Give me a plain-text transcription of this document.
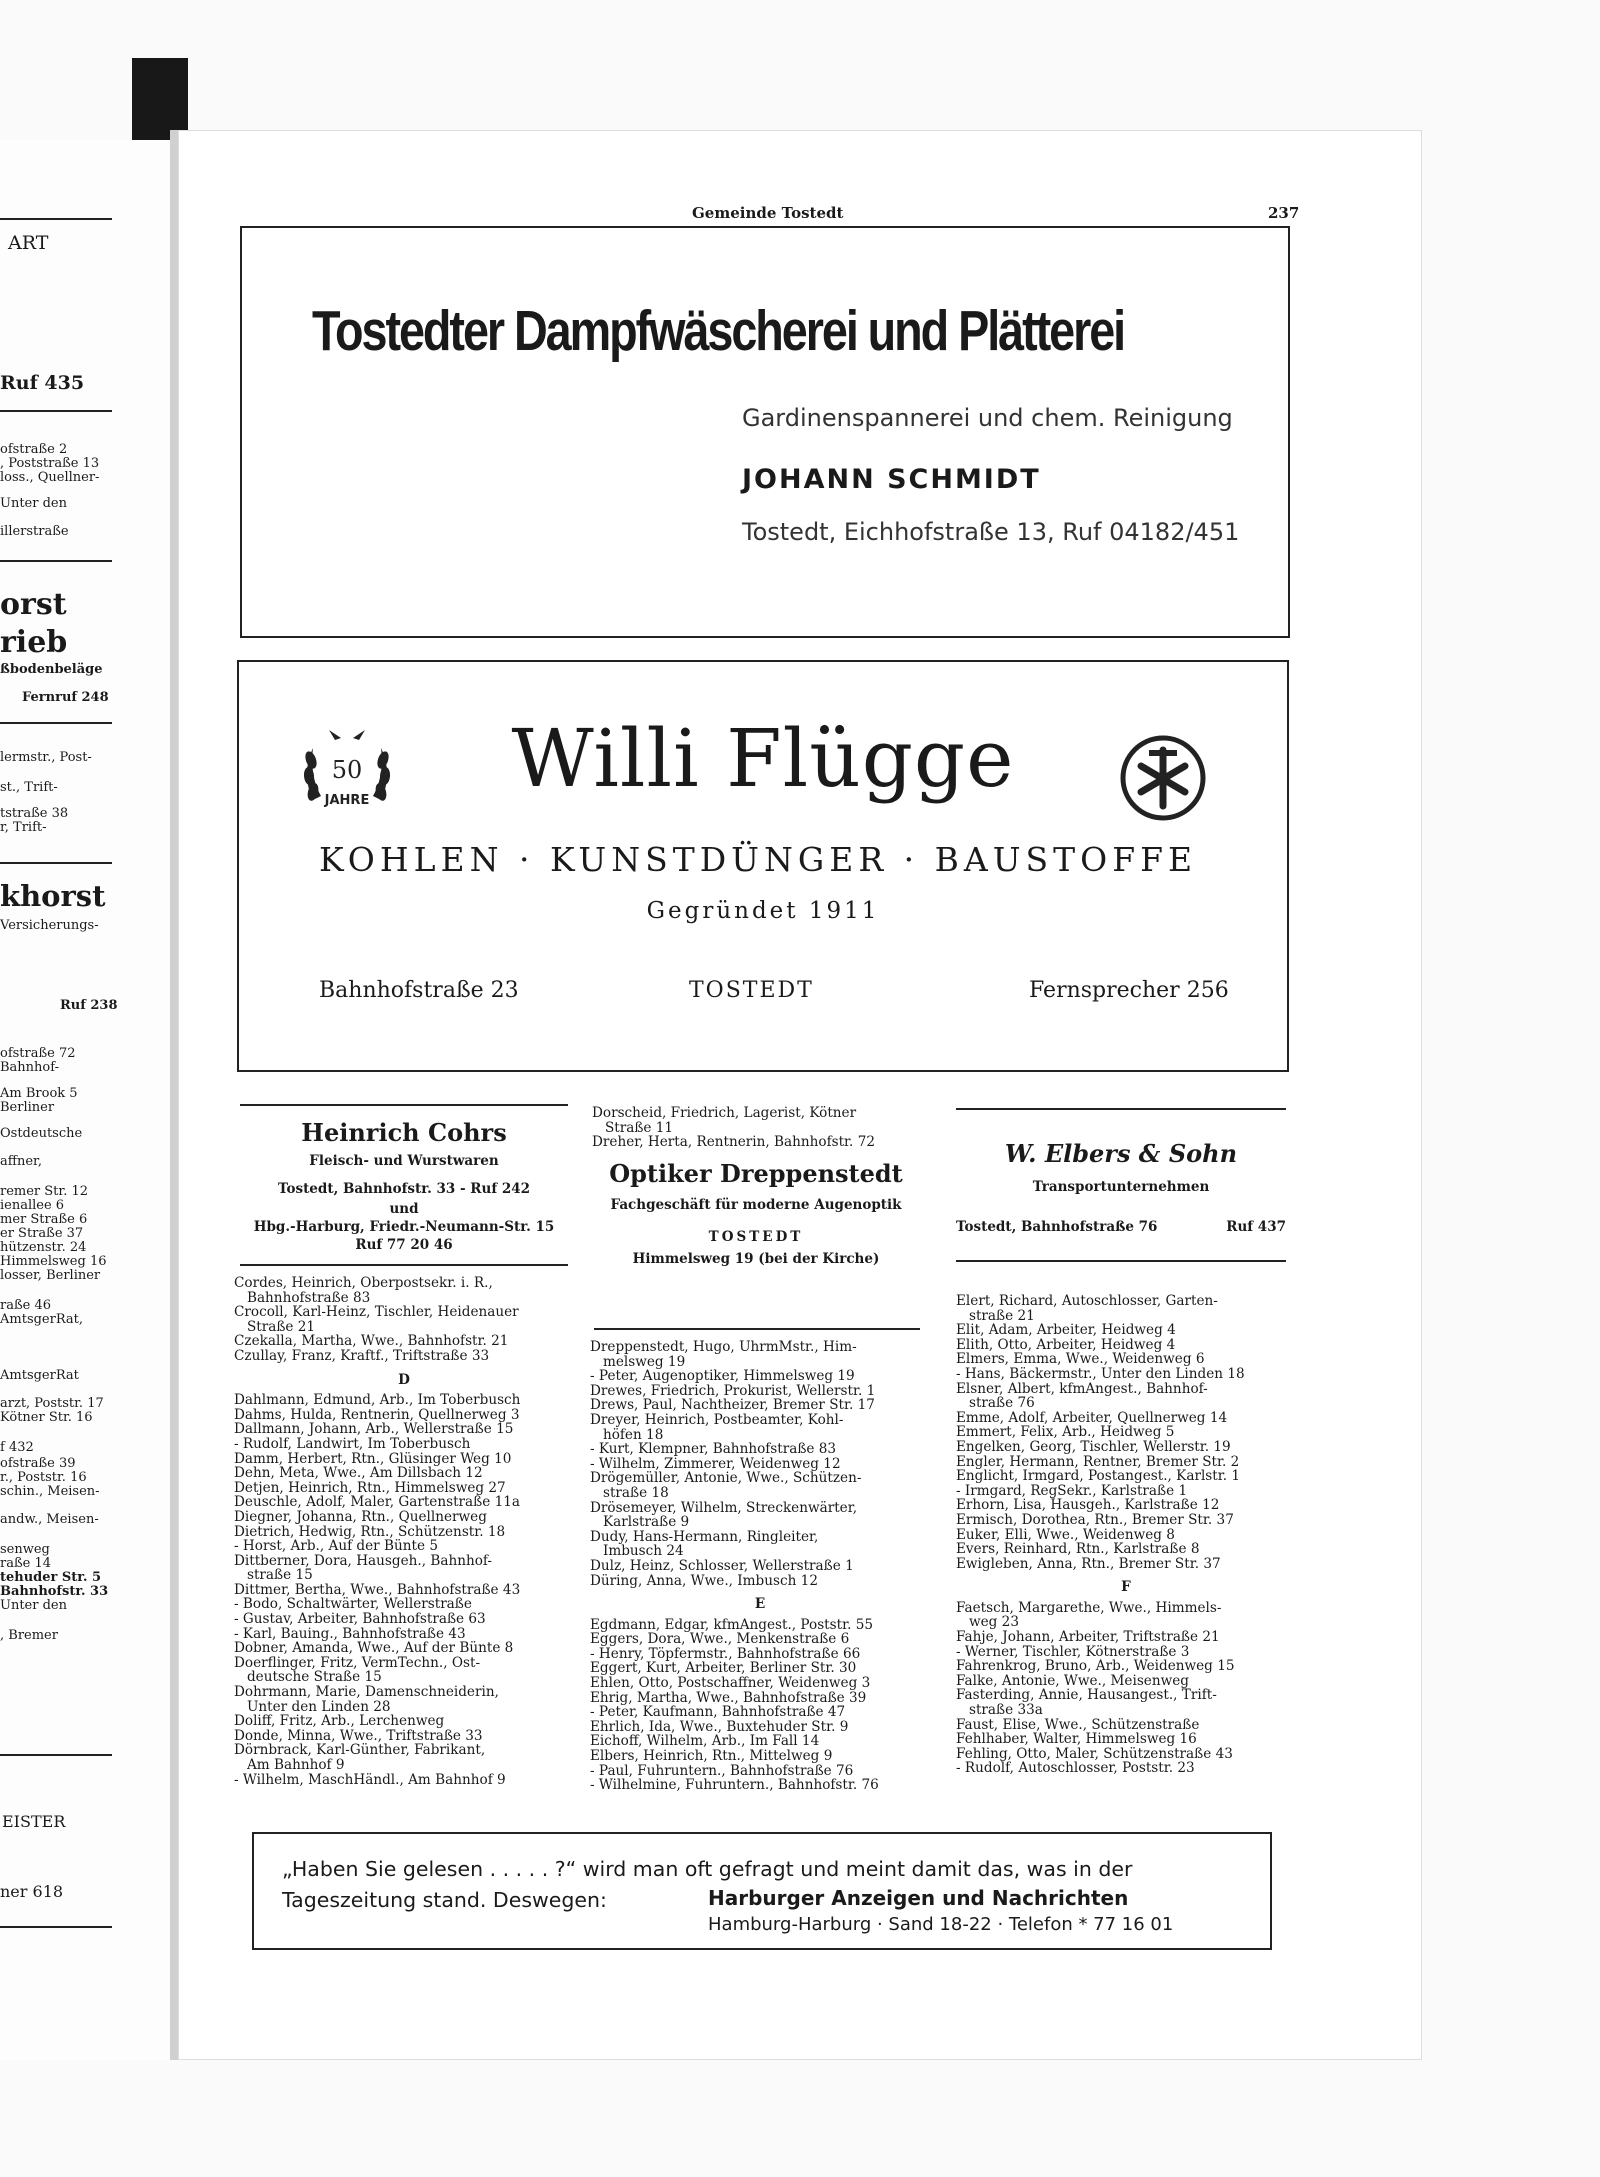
ART
Ruf 435
ofstraße 2
, Poststraße 13
loss., Quellner-
Unter den
illerstraße
orst
rieb
ßbodenbeläge
Fernruf 248
lermstr., Post-
st., Trift-
tstraße 38
r, Trift-
khorst
Versicherungs-
Ruf 238
ofstraße 72
Bahnhof-
Am Brook 5
Berliner
Ostdeutsche
affner,
remer Str. 12
ienallee 6
mer Straße 6
er Straße 37
hützenstr. 24
Himmelsweg 16
losser, Berliner
raße 46
AmtsgerRat,
AmtsgerRat
arzt, Poststr. 17
Kötner Str. 16
f 432
ofstraße 39
r., Poststr. 16
schin., Meisen-
andw., Meisen-
senweg
raße 14
tehuder Str. 5
Bahnhofstr. 33
Unter den
, Bremer
EISTER
ner 618
Gemeinde Tostedt	237
Tostedter Dampfwäscherei und Plätterei
Gardinenspannerei und chem. Reinigung
JOHANN SCHMIDT
Tostedt, Eichhofstraße 13, Ruf 04182/451
50
JAHRE	Willi Flügge
KOHLEN · KUNSTDÜNGER · BAUSTOFFE
Gegründet 1911
Bahnhofstraße 23	TOSTEDT	Fernsprecher 256
Heinrich Cohrs
Fleisch- und Wurstwaren
Tostedt, Bahnhofstr. 33 - Ruf 242
und
Hbg.-Harburg, Friedr.-Neumann-Str. 15
Ruf 77 20 46
Cordes, Heinrich, Oberpostsekr. i. R.,
Bahnhofstraße 83
Crocoll, Karl-Heinz, Tischler, Heidenauer
Straße 21
Czekalla, Martha, Wwe., Bahnhofstr. 21
Czullay, Franz, Kraftf., Triftstraße 33
D
Dahlmann, Edmund, Arb., Im Toberbusch
Dahms, Hulda, Rentnerin, Quellnerweg 3
Dallmann, Johann, Arb., Wellerstraße 15
- Rudolf, Landwirt, Im Toberbusch
Damm, Herbert, Rtn., Glüsinger Weg 10
Dehn, Meta, Wwe., Am Dillsbach 12
Detjen, Heinrich, Rtn., Himmelsweg 27
Deuschle, Adolf, Maler, Gartenstraße 11a
Diegner, Johanna, Rtn., Quellnerweg
Dietrich, Hedwig, Rtn., Schützenstr. 18
- Horst, Arb., Auf der Bünte 5
Dittberner, Dora, Hausgeh., Bahnhof-
straße 15
Dittmer, Bertha, Wwe., Bahnhofstraße 43
- Bodo, Schaltwärter, Wellerstraße
- Gustav, Arbeiter, Bahnhofstraße 63
- Karl, Bauing., Bahnhofstraße 43
Dobner, Amanda, Wwe., Auf der Bünte 8
Doerflinger, Fritz, VermTechn., Ost-
deutsche Straße 15
Dohrmann, Marie, Damenschneiderin,
Unter den Linden 28
Doliff, Fritz, Arb., Lerchenweg
Donde, Minna, Wwe., Triftstraße 33
Dörnbrack, Karl-Günther, Fabrikant,
Am Bahnhof 9
- Wilhelm, MaschHändl., Am Bahnhof 9
Dorscheid, Friedrich, Lagerist, Kötner
Straße 11
Dreher, Herta, Rentnerin, Bahnhofstr. 72
Optiker Dreppenstedt
Fachgeschäft für moderne Augenoptik
TOSTEDT
Himmelsweg 19 (bei der Kirche)
Dreppenstedt, Hugo, UhrmMstr., Him-
melsweg 19
- Peter, Augenoptiker, Himmelsweg 19
Drewes, Friedrich, Prokurist, Wellerstr. 1
Drews, Paul, Nachtheizer, Bremer Str. 17
Dreyer, Heinrich, Postbeamter, Kohl-
höfen 18
- Kurt, Klempner, Bahnhofstraße 83
- Wilhelm, Zimmerer, Weidenweg 12
Drögemüller, Antonie, Wwe., Schützen-
straße 18
Drösemeyer, Wilhelm, Streckenwärter,
Karlstraße 9
Dudy, Hans-Hermann, Ringleiter,
Imbusch 24
Dulz, Heinz, Schlosser, Wellerstraße 1
Düring, Anna, Wwe., Imbusch 12
E
Egdmann, Edgar, kfmAngest., Poststr. 55
Eggers, Dora, Wwe., Menkenstraße 6
- Henry, Töpfermstr., Bahnhofstraße 66
Eggert, Kurt, Arbeiter, Berliner Str. 30
Ehlen, Otto, Postschaffner, Weidenweg 3
Ehrig, Martha, Wwe., Bahnhofstraße 39
- Peter, Kaufmann, Bahnhofstraße 47
Ehrlich, Ida, Wwe., Buxtehuder Str. 9
Eichoff, Wilhelm, Arb., Im Fall 14
Elbers, Heinrich, Rtn., Mittelweg 9
- Paul, Fuhruntern., Bahnhofstraße 76
- Wilhelmine, Fuhruntern., Bahnhofstr. 76
W. Elbers & Sohn
Transportunternehmen
Tostedt, Bahnhofstraße 76	Ruf 437
Elert, Richard, Autoschlosser, Garten-
straße 21
Elit, Adam, Arbeiter, Heidweg 4
Elith, Otto, Arbeiter, Heidweg 4
Elmers, Emma, Wwe., Weidenweg 6
- Hans, Bäckermstr., Unter den Linden 18
Elsner, Albert, kfmAngest., Bahnhof-
straße 76
Emme, Adolf, Arbeiter, Quellnerweg 14
Emmert, Felix, Arb., Heidweg 5
Engelken, Georg, Tischler, Wellerstr. 19
Engler, Hermann, Rentner, Bremer Str. 2
Englicht, Irmgard, Postangest., Karlstr. 1
- Irmgard, RegSekr., Karlstraße 1
Erhorn, Lisa, Hausgeh., Karlstraße 12
Ermisch, Dorothea, Rtn., Bremer Str. 37
Euker, Elli, Wwe., Weidenweg 8
Evers, Reinhard, Rtn., Karlstraße 8
Ewigleben, Anna, Rtn., Bremer Str. 37
F
Faetsch, Margarethe, Wwe., Himmels-
weg 23
Fahje, Johann, Arbeiter, Triftstraße 21
- Werner, Tischler, Kötnerstraße 3
Fahrenkrog, Bruno, Arb., Weidenweg 15
Falke, Antonie, Wwe., Meisenweg
Fasterding, Annie, Hausangest., Trift-
straße 33a
Faust, Elise, Wwe., Schützenstraße
Fehlhaber, Walter, Himmelsweg 16
Fehling, Otto, Maler, Schützenstraße 43
- Rudolf, Autoschlosser, Poststr. 23
„Haben Sie gelesen . . . . . ?“ wird man oft gefragt und meint damit das, was in der Tageszeitung stand. Deswegen:	Harburger Anzeigen und Nachrichten
Hamburg-Harburg · Sand 18-22 · Telefon * 77 16 01
